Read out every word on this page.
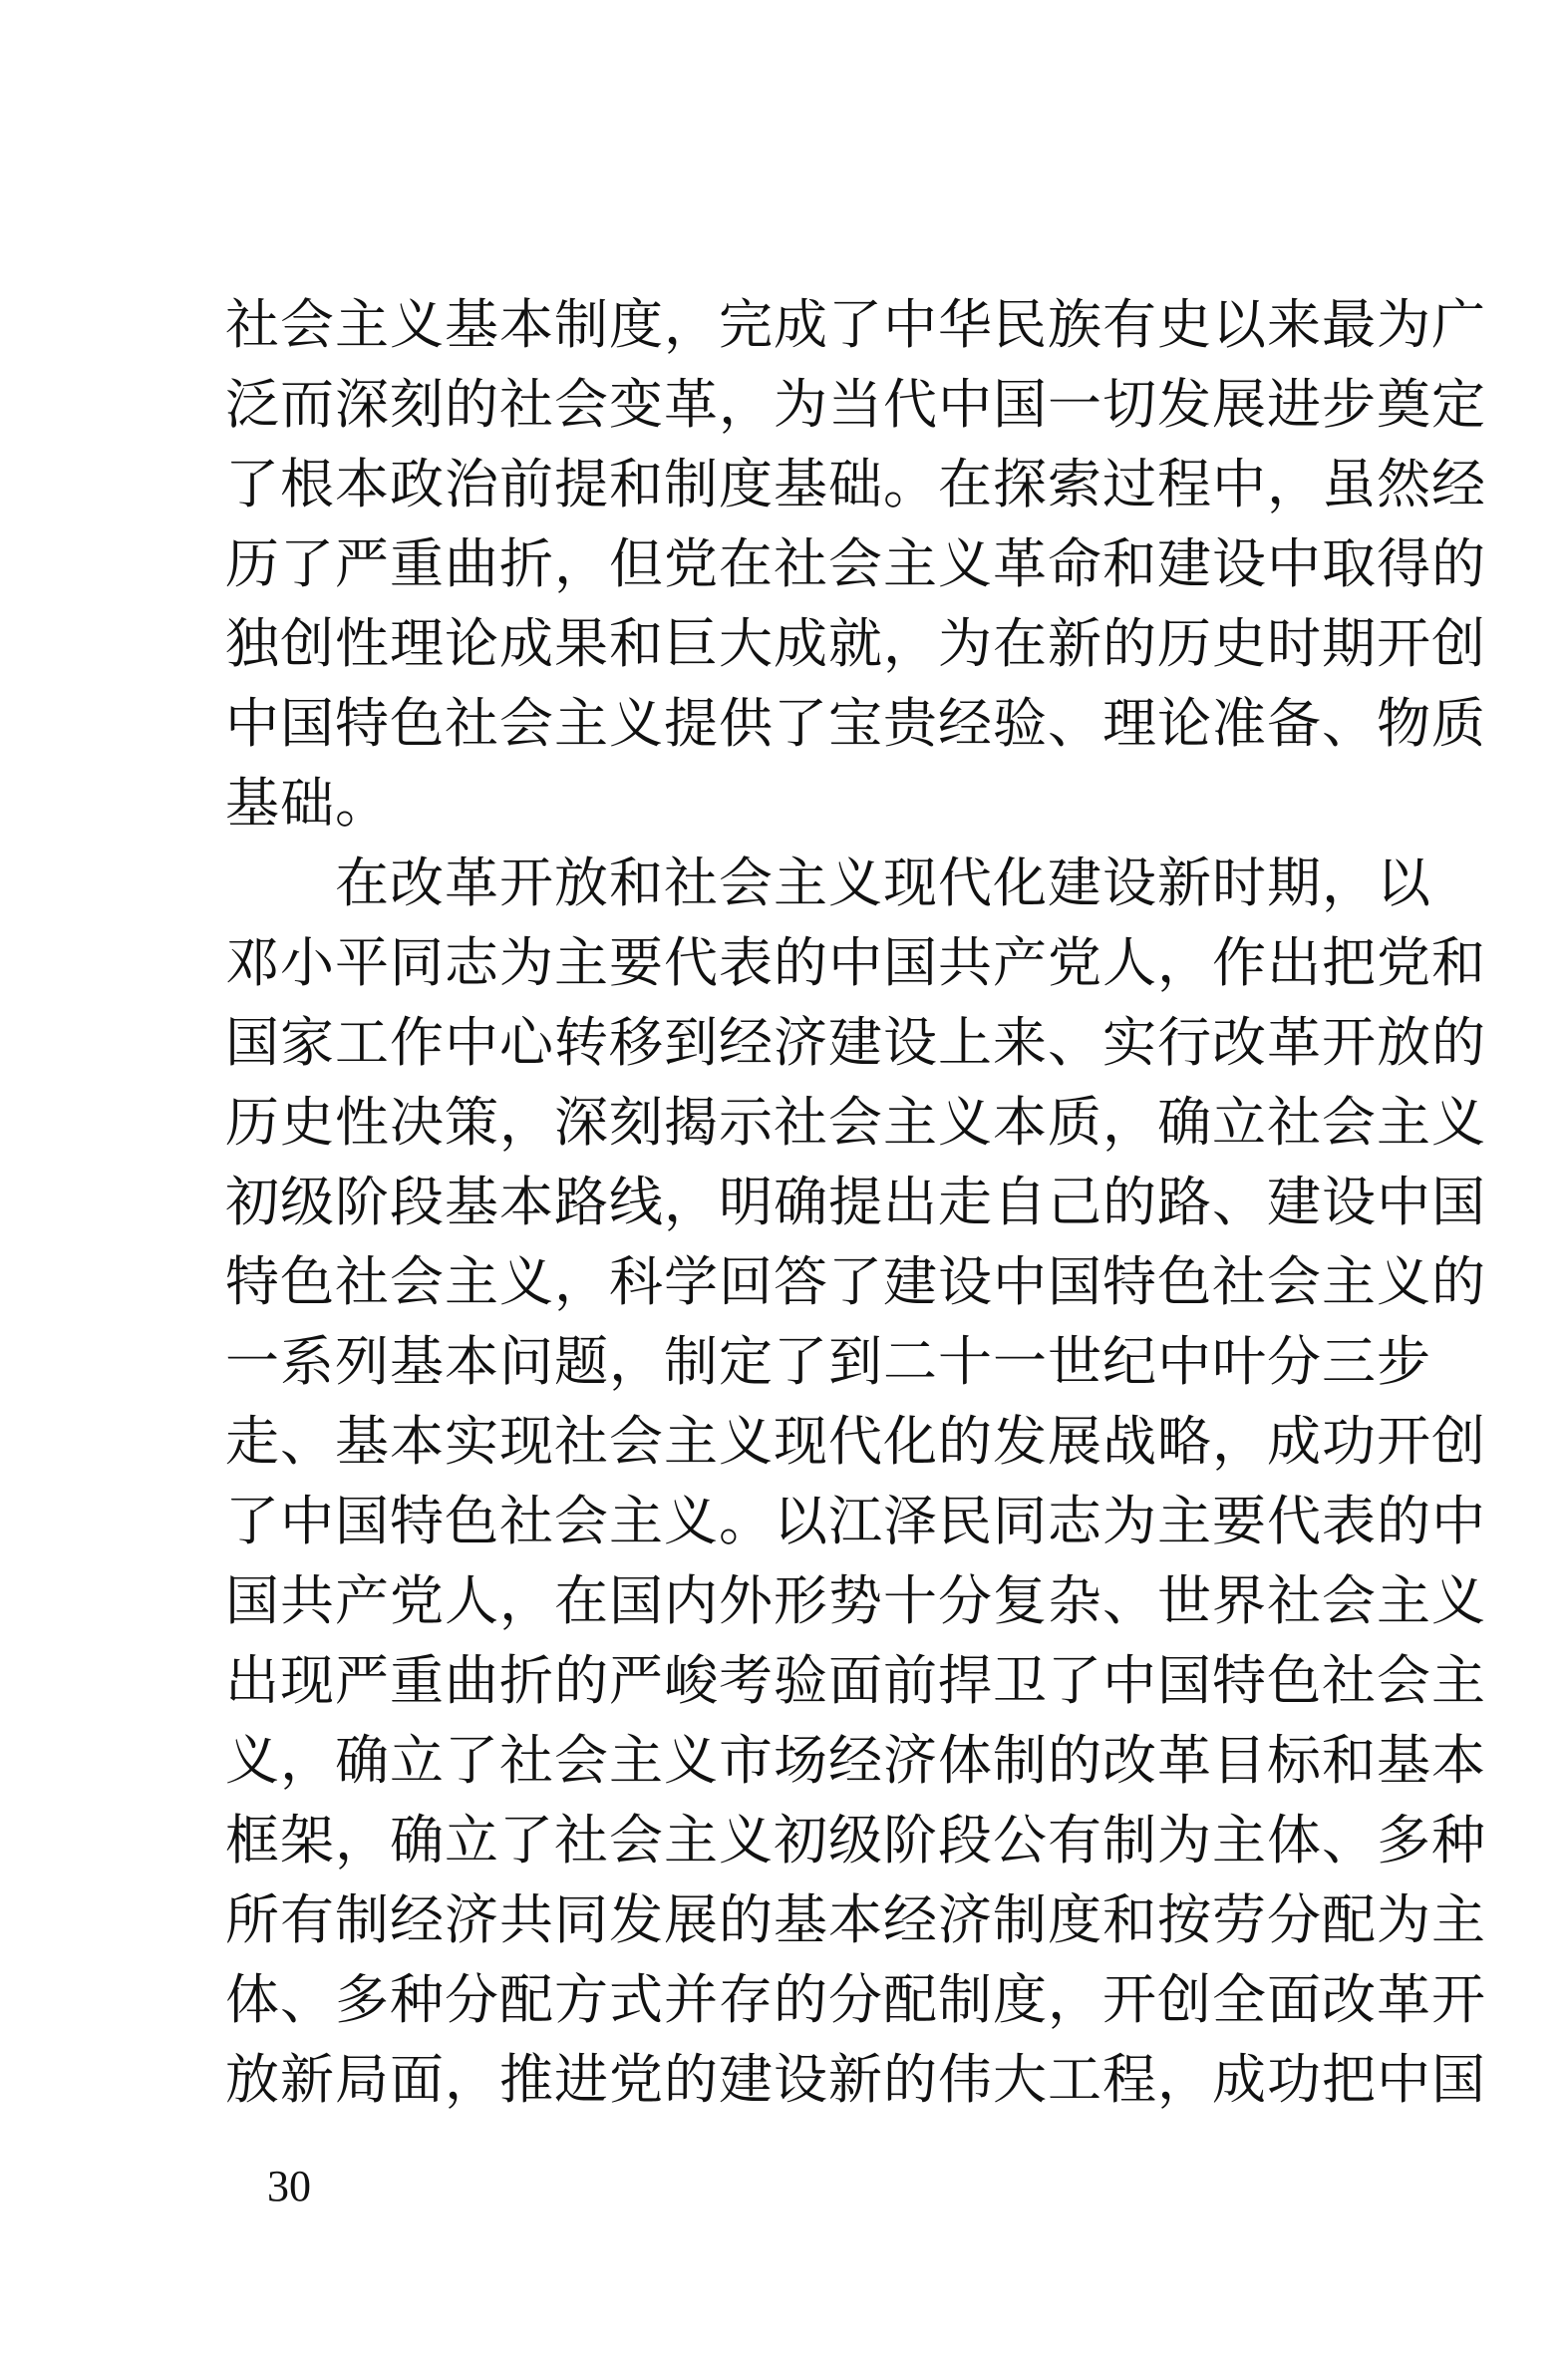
社会主义基本制度，完成了中华民族有史以来最为广
泛而深刻的社会变革，为当代中国一切发展进步奠定
了根本政治前提和制度基础。在探索过程中，虽然经
历了严重曲折，但党在社会主义革命和建设中取得的
独创性理论成果和巨大成就，为在新的历史时期开创
中国特色社会主义提供了宝贵经验、理论准备、物质
基础。
　　在改革开放和社会主义现代化建设新时期，以
邓小平同志为主要代表的中国共产党人，作出把党和
国家工作中心转移到经济建设上来、实行改革开放的
历史性决策，深刻揭示社会主义本质，确立社会主义
初级阶段基本路线，明确提出走自己的路、建设中国
特色社会主义，科学回答了建设中国特色社会主义的
一系列基本问题，制定了到二十一世纪中叶分三步
走、基本实现社会主义现代化的发展战略，成功开创
了中国特色社会主义。以江泽民同志为主要代表的中
国共产党人，在国内外形势十分复杂、世界社会主义
出现严重曲折的严峻考验面前捍卫了中国特色社会主
义，确立了社会主义市场经济体制的改革目标和基本
框架，确立了社会主义初级阶段公有制为主体、多种
所有制经济共同发展的基本经济制度和按劳分配为主
体、多种分配方式并存的分配制度，开创全面改革开
放新局面，推进党的建设新的伟大工程，成功把中国
30
